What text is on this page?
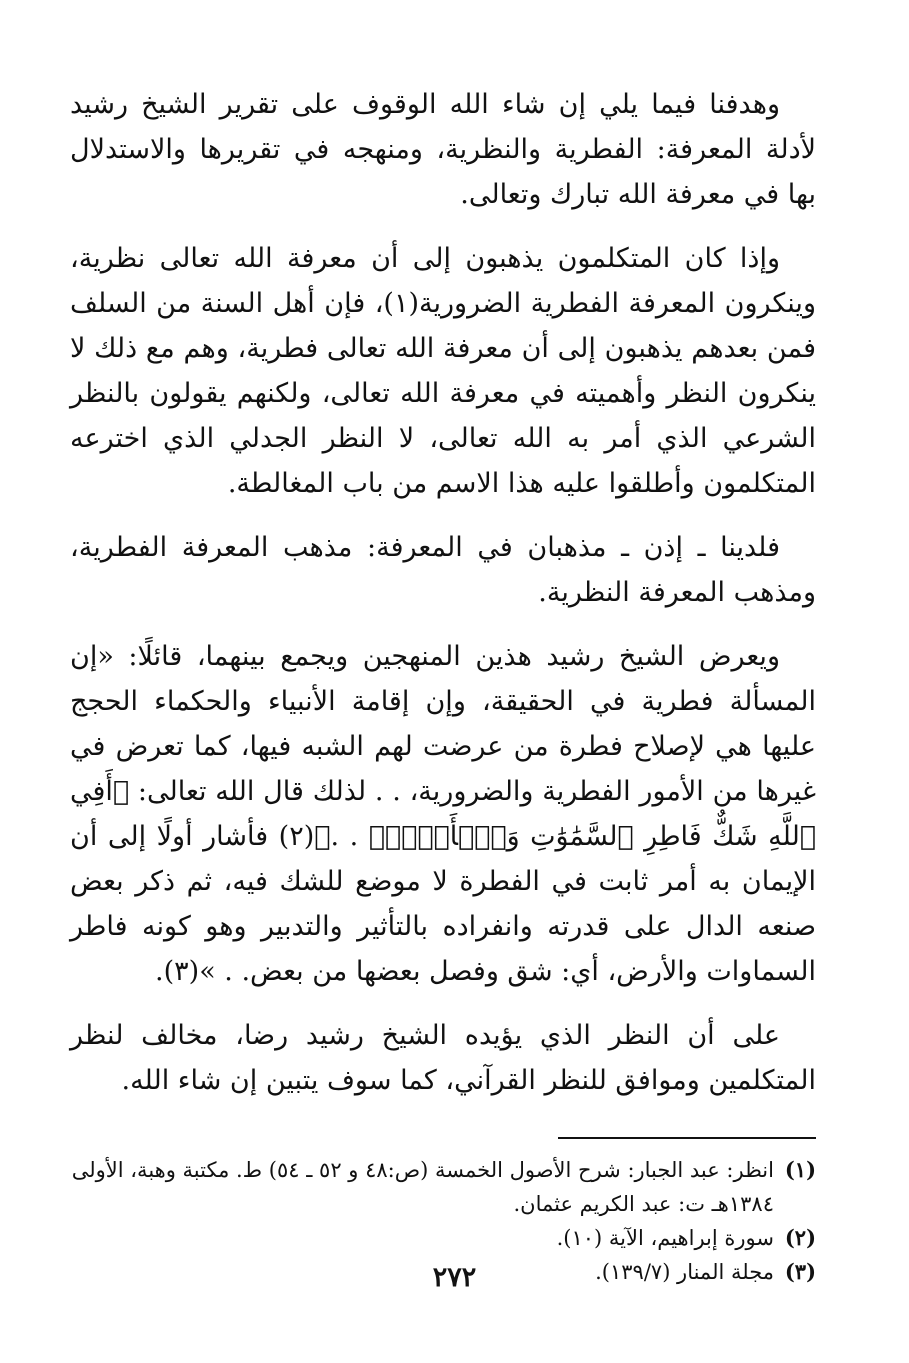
وهدفنا فيما يلي إن شاء الله الوقوف على تقرير الشيخ رشيد لأدلة المعرفة: الفطرية والنظرية، ومنهجه في تقريرها والاستدلال بها في معرفة الله تبارك وتعالى.

وإذا كان المتكلمون يذهبون إلى أن معرفة الله تعالى نظرية، وينكرون المعرفة الفطرية الضرورية(١)، فإن أهل السنة من السلف فمن بعدهم يذهبون إلى أن معرفة الله تعالى فطرية، وهم مع ذلك لا ينكرون النظر وأهميته في معرفة الله تعالى، ولكنهم يقولون بالنظر الشرعي الذي أمر به الله تعالى، لا النظر الجدلي الذي اخترعه المتكلمون وأطلقوا عليه هذا الاسم من باب المغالطة.

فلدينا ـ إذن ـ مذهبان في المعرفة: مذهب المعرفة الفطرية، ومذهب المعرفة النظرية.

ويعرض الشيخ رشيد هذين المنهجين ويجمع بينهما، قائلًا: «إن المسألة فطرية في الحقيقة، وإن إقامة الأنبياء والحكماء الحجج عليها هي لإصلاح فطرة من عرضت لهم الشبه فيها، كما تعرض في غيرها من الأمور الفطرية والضرورية، . . لذلك قال الله تعالى: ﴿أَفِي ٱللَّهِ شَكٌّ فَاطِرِ ٱلسَّمَٰوَٰتِ وَٱلۡأَرۡضِۖ . .﴾(٢) فأشار أولًا إلى أن الإيمان به أمر ثابت في الفطرة لا موضع للشك فيه، ثم ذكر بعض صنعه الدال على قدرته وانفراده بالتأثير والتدبير وهو كونه فاطر السماوات والأرض، أي: شق وفصل بعضها من بعض. . »(٣).

على أن النظر الذي يؤيده الشيخ رشيد رضا، مخالف لنظر المتكلمين وموافق للنظر القرآني، كما سوف يتبين إن شاء الله.

(١)انظر: عبد الجبار: شرح الأصول الخمسة (ص:٤٨ و ٥٢ ـ ٥٤) ط. مكتبة وهبة، الأولى ١٣٨٤هـ ت: عبد الكريم عثمان.

(٢)سورة إبراهيم، الآية (١٠).

(٣)مجلة المنار (١٣٩/٧).

٢٧٢
